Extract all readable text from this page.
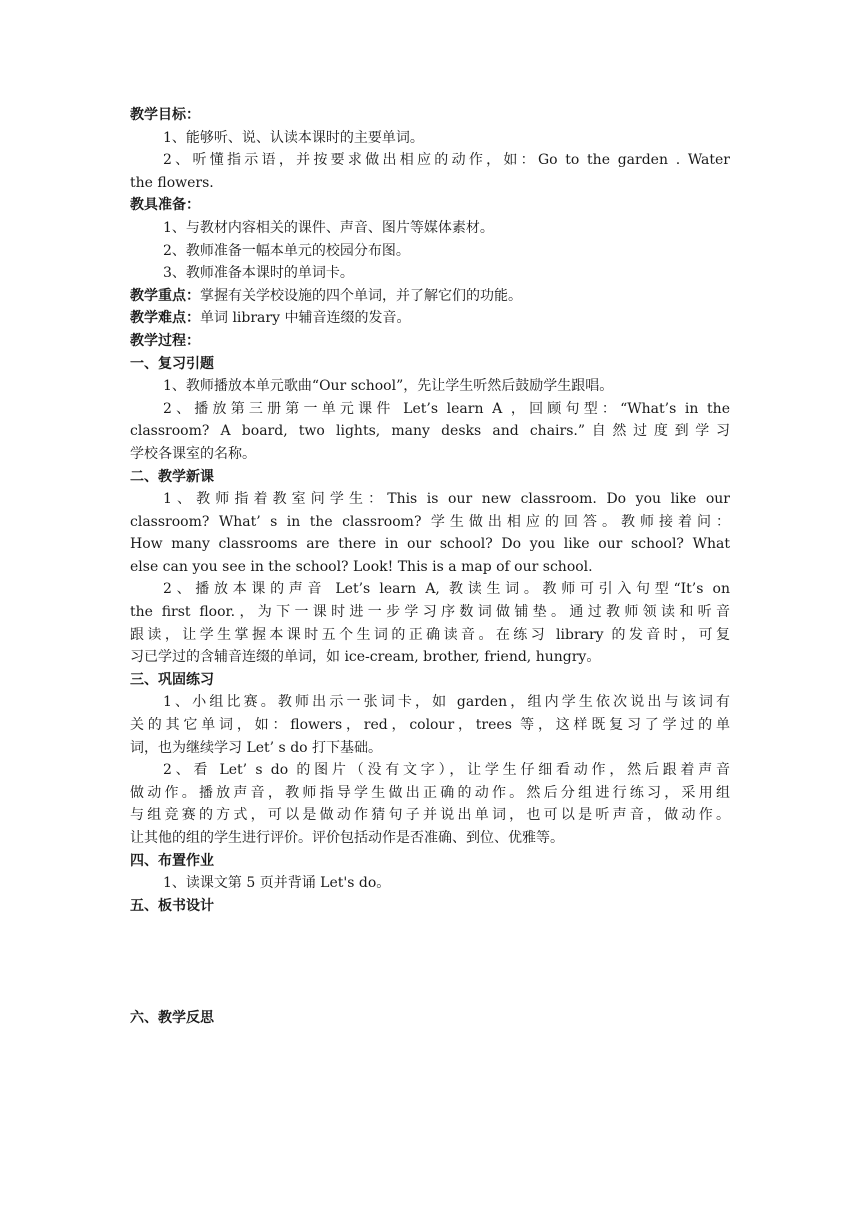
教学目标：
1、能够听、说、认读本课时的主要单词。
2、听懂指示语，并按要求做出相应的动作，如：Go to the garden . Water
the flowers.
教具准备：
1、与教材内容相关的课件、声音、图片等媒体素材。
2、教师准备一幅本单元的校园分布图。
3、教师准备本课时的单词卡。
教学重点：掌握有关学校设施的四个单词，并了解它们的功能。
教学难点：单词 library 中辅音连缀的发音。
教学过程：
一、复习引题
1、教师播放本单元歌曲“Our school”，先让学生听然后鼓励学生跟唱。
2、播放第三册第一单元课件 Let’s learn A ，回顾句型：“What’s in the
classroom? A board, two lights, many desks and chairs.”自然过度到学习
学校各课室的名称。
二、教学新课
1、教师指着教室问学生：This is our new classroom. Do you like our
classroom? What’ s in the classroom? 学生做出相应的回答。教师接着问：
How many classrooms are there in our school? Do you like our school? What
else can you see in the school? Look! This is a map of our school.
2、播放本课的声音 Let’s learn A, 教读生词。教师可引入句型“It’s on
the first floor.，为下一课时进一步学习序数词做铺垫。通过教师领读和听音
跟读，让学生掌握本课时五个生词的正确读音。在练习 library 的发音时，可复
习已学过的含辅音连缀的单词，如 ice-cream, brother, friend, hungry。
三、巩固练习
1、小组比赛。教师出示一张词卡，如 garden，组内学生依次说出与该词有
关的其它单词，如：flowers，red，colour，trees 等，这样既复习了学过的单
词，也为继续学习 Let’ s do 打下基础。
2、看 Let’ s do 的图片（没有文字），让学生仔细看动作，然后跟着声音
做动作。播放声音，教师指导学生做出正确的动作。然后分组进行练习，采用组
与组竞赛的方式，可以是做动作猜句子并说出单词，也可以是听声音，做动作。
让其他的组的学生进行评价。评价包括动作是否准确、到位、优雅等。
四、布置作业
1、读课文第 5 页并背诵 Let's do。
五、板书设计
六、教学反思
